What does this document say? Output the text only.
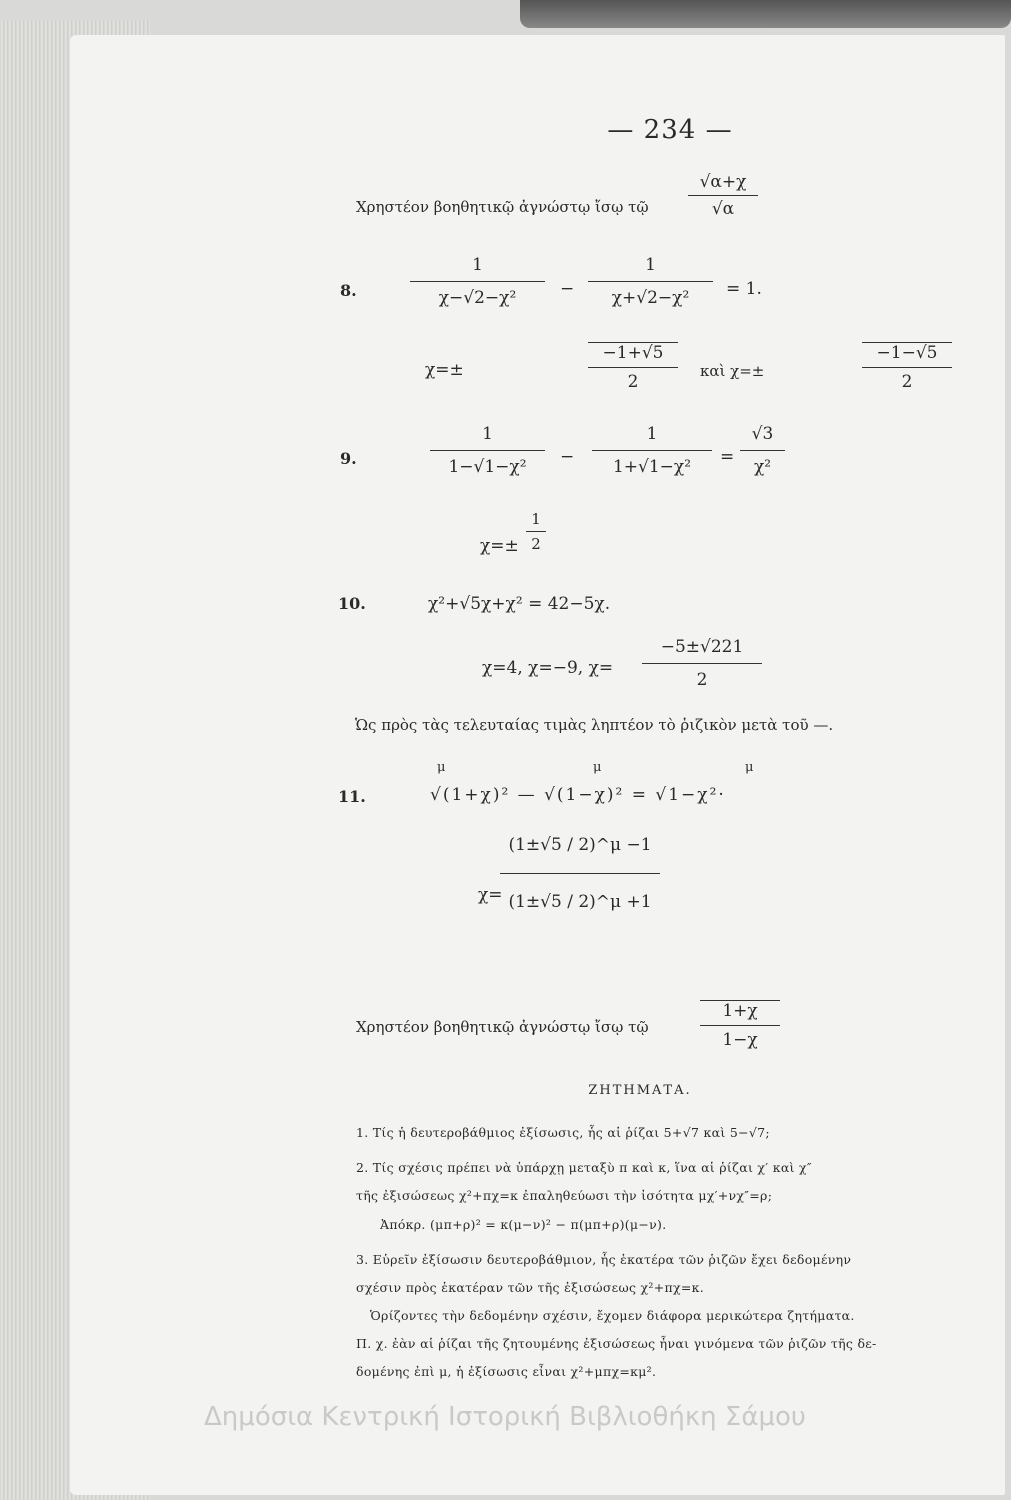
— 234 —
Χρηστέον βοηθητικῷ ἀγνώστῳ ἴσῳ τῷ
√α+χ
√α
8.
1
χ−√2−χ²	−
1
χ+√2−χ²	= 1.
χ=±
−1+√5
2
καὶ χ=±
−1−√5
2
9.
1
1−√1−χ²	−
1
1+√1−χ²	=
√3
χ²
χ=±
1
2
10.	χ²+√5χ+χ² = 42−5χ.
χ=4, χ=−9, χ=
−5±√221
2
Ὡς πρὸς τὰς τελευταίας τιμὰς ληπτέον τὸ ῥιζικὸν μετὰ τοῦ —.
11.
μ	μ	μ
√(1+χ)² — √(1−χ)² = √1−χ²·
χ=
(1±√5 / 2)^μ −1
(1±√5 / 2)^μ +1
Χρηστέον βοηθητικῷ ἀγνώστῳ ἴσῳ τῷ
1+χ
1−χ
ΖΗΤΗΜΑΤΑ.
1. Τίς ἡ δευτεροβάθμιος ἐξίσωσις, ἧς αἱ ῥίζαι 5+√7 καὶ 5−√7;
2. Τίς σχέσις πρέπει νὰ ὑπάρχῃ μεταξὺ π καὶ κ, ἵνα αἱ ῥίζαι χ′ καὶ χ″
τῆς ἐξισώσεως χ²+πχ=κ ἐπαληθεύωσι τὴν ἰσότητα μχ′+νχ″=ρ;
Ἀπόκρ. (μπ+ρ)² = κ(μ−ν)² − π(μπ+ρ)(μ−ν).
3. Εὑρεῖν ἐξίσωσιν δευτεροβάθμιον, ἧς ἑκατέρα τῶν ῥιζῶν ἔχει δεδομένην
σχέσιν πρὸς ἑκατέραν τῶν τῆς ἐξισώσεως χ²+πχ=κ.
Ὁρίζοντες τὴν δεδομένην σχέσιν, ἔχομεν διάφορα μερικώτερα ζητήματα.
Π. χ. ἐὰν αἱ ῥίζαι τῆς ζητουμένης ἐξισώσεως ἦναι γινόμενα τῶν ῥιζῶν τῆς δε-
δομένης ἐπὶ μ, ἡ ἐξίσωσις εἶναι χ²+μπχ=κμ².
Δημόσια Κεντρική Ιστορική Βιβλιοθήκη Σάμου
